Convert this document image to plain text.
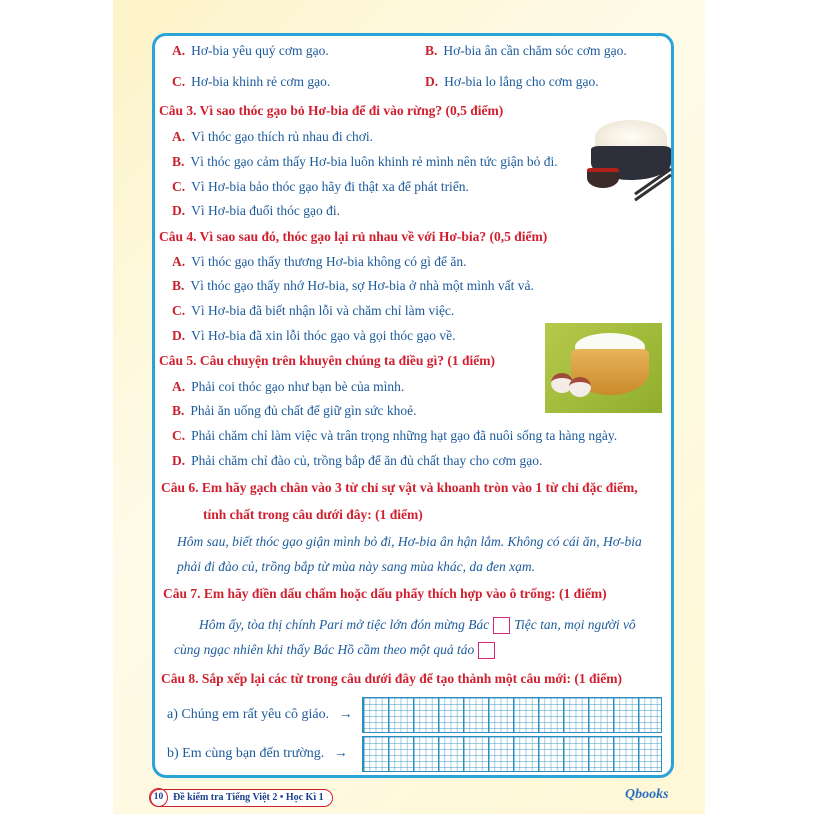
A. Hơ-bia yêu quý cơm gạo.	B. Hơ-bia ân cần chăm sóc cơm gạo.
C. Hơ-bia khinh rẻ cơm gạo.	D. Hơ-bia lo lắng cho cơm gạo.
Câu 3. Vì sao thóc gạo bỏ Hơ-bia để đi vào rừng? (0,5 điểm)
A. Vì thóc gạo thích rủ nhau đi chơi.
B. Vì thóc gạo cảm thấy Hơ-bia luôn khinh rẻ mình nên tức giận bỏ đi.
C. Vì Hơ-bia bảo thóc gạo hãy đi thật xa để phát triển.
D. Vì Hơ-bia đuổi thóc gạo đi.
Câu 4. Vì sao sau đó, thóc gạo lại rủ nhau về với Hơ-bia? (0,5 điểm)
A. Vì thóc gạo thấy thương Hơ-bia không có gì để ăn.
B. Vì thóc gạo thấy nhớ Hơ-bia, sợ Hơ-bia ở nhà một mình vất vả.
C. Vì Hơ-bia đã biết nhận lỗi và chăm chỉ làm việc.
D. Vì Hơ-bia đã xin lỗi thóc gạo và gọi thóc gạo về.
Câu 5. Câu chuyện trên khuyên chúng ta điều gì? (1 điểm)
A. Phải coi thóc gạo như bạn bè của mình.
B. Phải ăn uống đủ chất để giữ gìn sức khoẻ.
C. Phải chăm chỉ làm việc và trân trọng những hạt gạo đã nuôi sống ta hàng ngày.
D. Phải chăm chỉ đào củ, trồng bắp để ăn đủ chất thay cho cơm gạo.
Câu 6. Em hãy gạch chân vào 3 từ chỉ sự vật và khoanh tròn vào 1 từ chỉ đặc điểm,
tính chất trong câu dưới đây: (1 điểm)
Hôm sau, biết thóc gạo giận mình bỏ đi, Hơ-bia ân hận lắm. Không có cái ăn, Hơ-bia
phải đi đào củ, trồng bắp từ mùa này sang mùa khác, da đen xạm.
Câu 7. Em hãy điền dấu chấm hoặc dấu phẩy thích hợp vào ô trống: (1 điểm)
Hôm ấy, tòa thị chính Pari mở tiệc lớn đón mừng Bác Tiệc tan, mọi người vô
cùng ngạc nhiên khi thấy Bác Hồ cầm theo một quả táo
Câu 8. Sắp xếp lại các từ trong câu dưới đây để tạo thành một câu mới: (1 điểm)
a) Chúng em rất yêu cô giáo. →
b) Em cùng bạn đến trường. →
10 Đề kiểm tra Tiếng Việt 2 • Học Kì 1	Qbooks
